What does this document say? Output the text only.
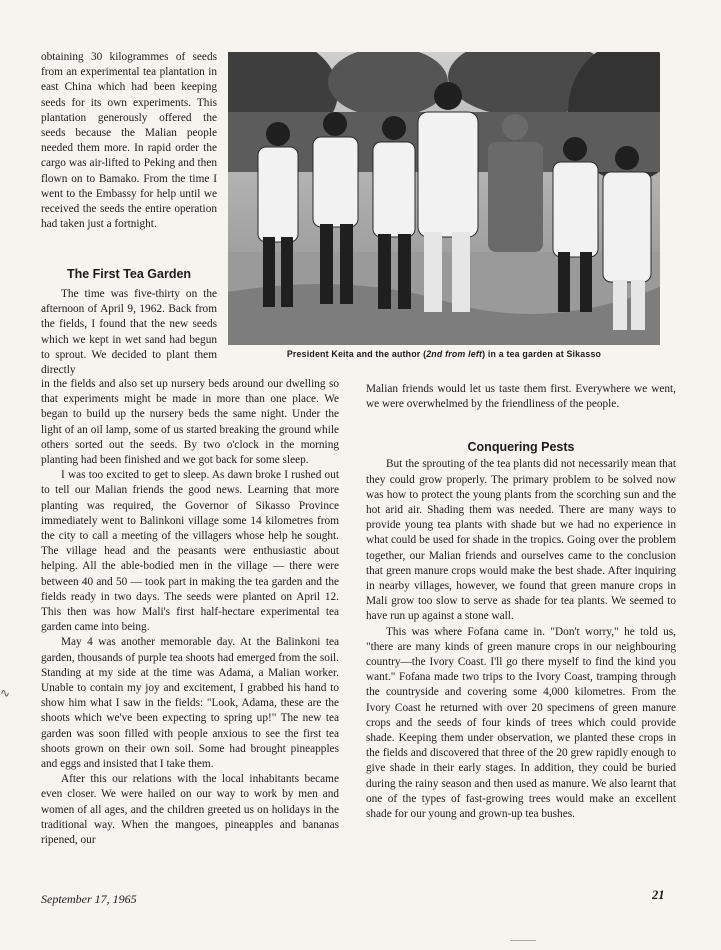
obtaining 30 kilogrammes of seeds from an experimental tea plantation in east China which had been keeping seeds for its own experiments. This plantation generously offered the seeds because the Malian people needed them more. In rapid order the cargo was air-lifted to Peking and then flown on to Bamako. From the time I went to the Embassy for help until we received the seeds the entire operation had taken just a fortnight.

The First Tea Garden

The time was five-thirty on the afternoon of April 9, 1962. Back from the fields, I found that the new seeds which we kept in wet sand had begun to sprout. We decided to plant them directly

President Keita and the author (2nd from left) in a tea garden at Sikasso

in the fields and also set up nursery beds around our dwelling so that experiments might be made in more than one place. We began to build up the nursery beds the same night. Under the light of an oil lamp, some of us started breaking the ground while others sorted out the seeds. By two o'clock in the morning planting had been finished and we got back for some sleep.

I was too excited to get to sleep. As dawn broke I rushed out to tell our Malian friends the good news. Learning that more planting was required, the Governor of Sikasso Province immediately went to Balinkoni village some 14 kilometres from the city to call a meeting of the villagers whose help he sought. The village head and the peasants were enthusiastic about helping. All the able-bodied men in the village — there were between 40 and 50 — took part in making the tea garden and the fields ready in two days. The seeds were planted on April 12. This then was how Mali's first half-hectare experimental tea garden came into being.

May 4 was another memorable day. At the Balinkoni tea garden, thousands of purple tea shoots had emerged from the soil. Standing at my side at the time was Adama, a Malian worker. Unable to contain my joy and excitement, I grabbed his hand to show him what I saw in the fields: "Look, Adama, these are the shoots which we've been expecting to spring up!" The new tea garden was soon filled with people anxious to see the first tea shoots grown on their own soil. Some had brought pineapples and eggs and insisted that I take them.

After this our relations with the local inhabitants became even closer. We were hailed on our way to work by men and women of all ages, and the children greeted us on holidays in the traditional way. When the mangoes, pineapples and bananas ripened, our

Malian friends would let us taste them first. Everywhere we went, we were overwhelmed by the friendliness of the people.

But the sprouting of the tea plants did not necessarily mean that they could grow properly. The primary problem to be solved now was how to protect the young plants from the scorching sun and the hot arid air. Shading them was needed. There are many ways to provide young tea plants with shade but we had no experience in what could be used for shade in the tropics. Going over the problem together, our Malian friends and ourselves came to the conclusion that green manure crops would make the best shade. After inquiring in nearby villages, however, we found that green manure crops in Mali grow too slow to serve as shade for tea plants. We seemed to have run up against a stone wall.

This was where Fofana came in. "Don't worry," he told us, "there are many kinds of green manure crops in our neighbouring country—the Ivory Coast. I'll go there myself to find the kind you want." Fofana made two trips to the Ivory Coast, tramping through the countryside and covering some 4,000 kilometres. From the Ivory Coast he returned with over 20 specimens of green manure crops and the seeds of four kinds of trees which could provide shade. Keeping them under observation, we planted these crops in the fields and discovered that three of the 20 grew rapidly enough to give shade in their early stages. In addition, they could be buried during the rainy season and then used as manure. We also learnt that one of the types of fast-growing trees would make an excellent shade for our young and grown-up tea bushes.

Conquering Pests
∿
September 17, 1965	21
